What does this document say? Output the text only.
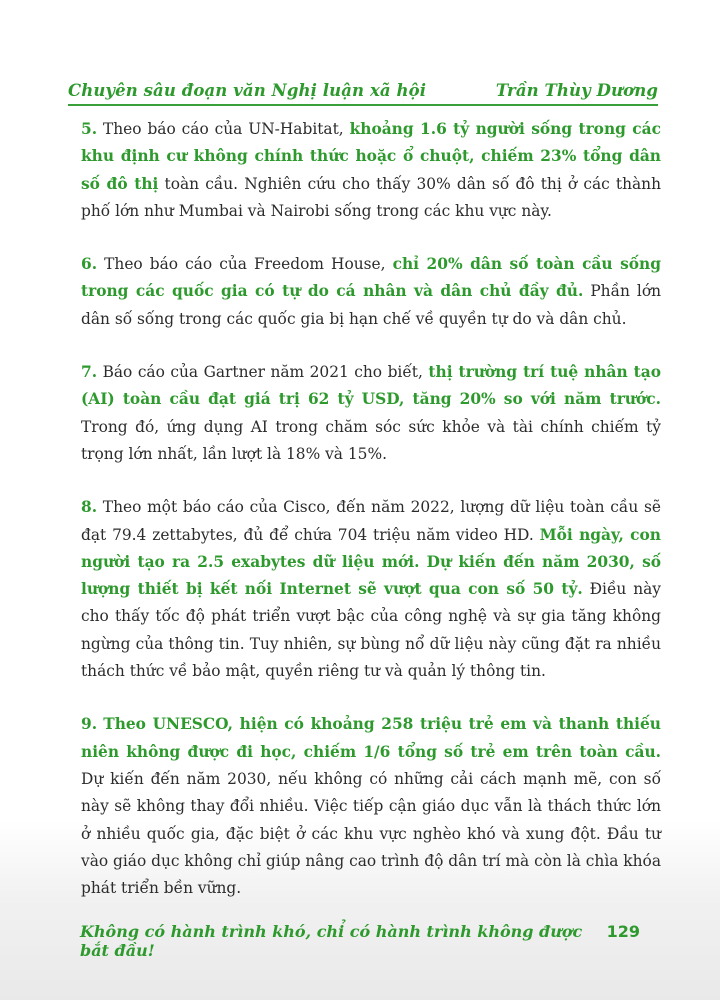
Chuyên sâu đoạn văn Nghị luận xã hội	Trần Thùy Dương

5. Theo báo cáo của UN-Habitat, khoảng 1.6 tỷ người sống trong các khu định cư không chính thức hoặc ổ chuột, chiếm 23% tổng dân số đô thị toàn cầu. Nghiên cứu cho thấy 30% dân số đô thị ở các thành phố lớn như Mumbai và Nairobi sống trong các khu vực này.

6. Theo báo cáo của Freedom House, chỉ 20% dân số toàn cầu sống trong các quốc gia có tự do cá nhân và dân chủ đầy đủ. Phần lớn dân số sống trong các quốc gia bị hạn chế về quyền tự do và dân chủ.

7. Báo cáo của Gartner năm 2021 cho biết, thị trường trí tuệ nhân tạo (AI) toàn cầu đạt giá trị 62 tỷ USD, tăng 20% so với năm trước. Trong đó, ứng dụng AI trong chăm sóc sức khỏe và tài chính chiếm tỷ trọng lớn nhất, lần lượt là 18% và 15%.

8. Theo một báo cáo của Cisco, đến năm 2022, lượng dữ liệu toàn cầu sẽ đạt 79.4 zettabytes, đủ để chứa 704 triệu năm video HD. Mỗi ngày, con người tạo ra 2.5 exabytes dữ liệu mới. Dự kiến đến năm 2030, số lượng thiết bị kết nối Internet sẽ vượt qua con số 50 tỷ. Điều này cho thấy tốc độ phát triển vượt bậc của công nghệ và sự gia tăng không ngừng của thông tin. Tuy nhiên, sự bùng nổ dữ liệu này cũng đặt ra nhiều thách thức về bảo mật, quyền riêng tư và quản lý thông tin.

9. Theo UNESCO, hiện có khoảng 258 triệu trẻ em và thanh thiếu niên không được đi học, chiếm 1/6 tổng số trẻ em trên toàn cầu. Dự kiến đến năm 2030, nếu không có những cải cách mạnh mẽ, con số này sẽ không thay đổi nhiều. Việc tiếp cận giáo dục vẫn là thách thức lớn ở nhiều quốc gia, đặc biệt ở các khu vực nghèo khó và xung đột. Đầu tư vào giáo dục không chỉ giúp nâng cao trình độ dân trí mà còn là chìa khóa phát triển bền vững.

Không có hành trình khó, chỉ có hành trình không được bắt đầu!
129
